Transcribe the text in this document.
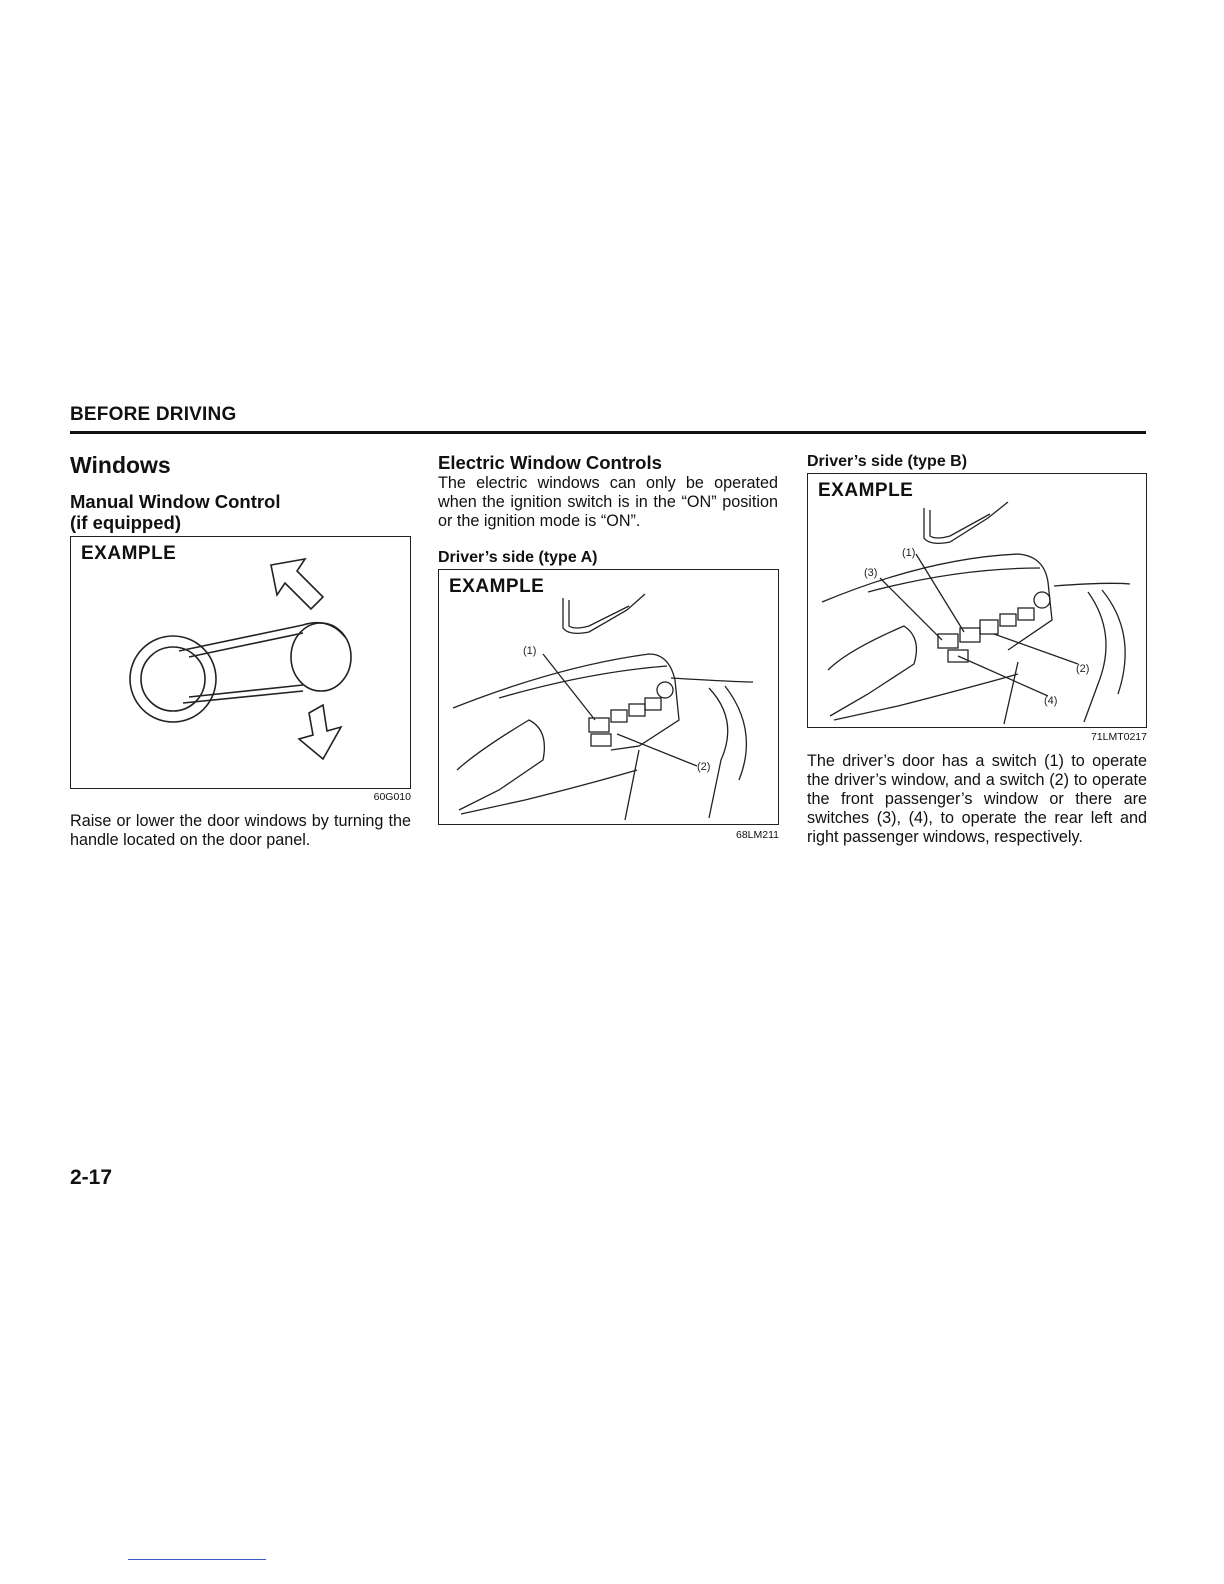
BEFORE DRIVING
Windows
Manual Window Control
(if equipped)
EXAMPLE
60G010
Raise or lower the door windows by turning the handle located on the door panel.
Electric Window Controls
The electric windows can only be operated when the ignition switch is in the “ON” position or the ignition mode is “ON”.
Driver’s side (type A)
EXAMPLE
(1)
(2)
68LM211
Driver’s side (type B)
EXAMPLE
(1)
(3)
(2)
(4)
71LMT0217
The driver’s door has a switch (1) to operate the driver’s window, and a switch (2) to operate the front passenger’s window or there are switches (3), (4), to operate the rear left and right passenger windows, respectively.
2-17
